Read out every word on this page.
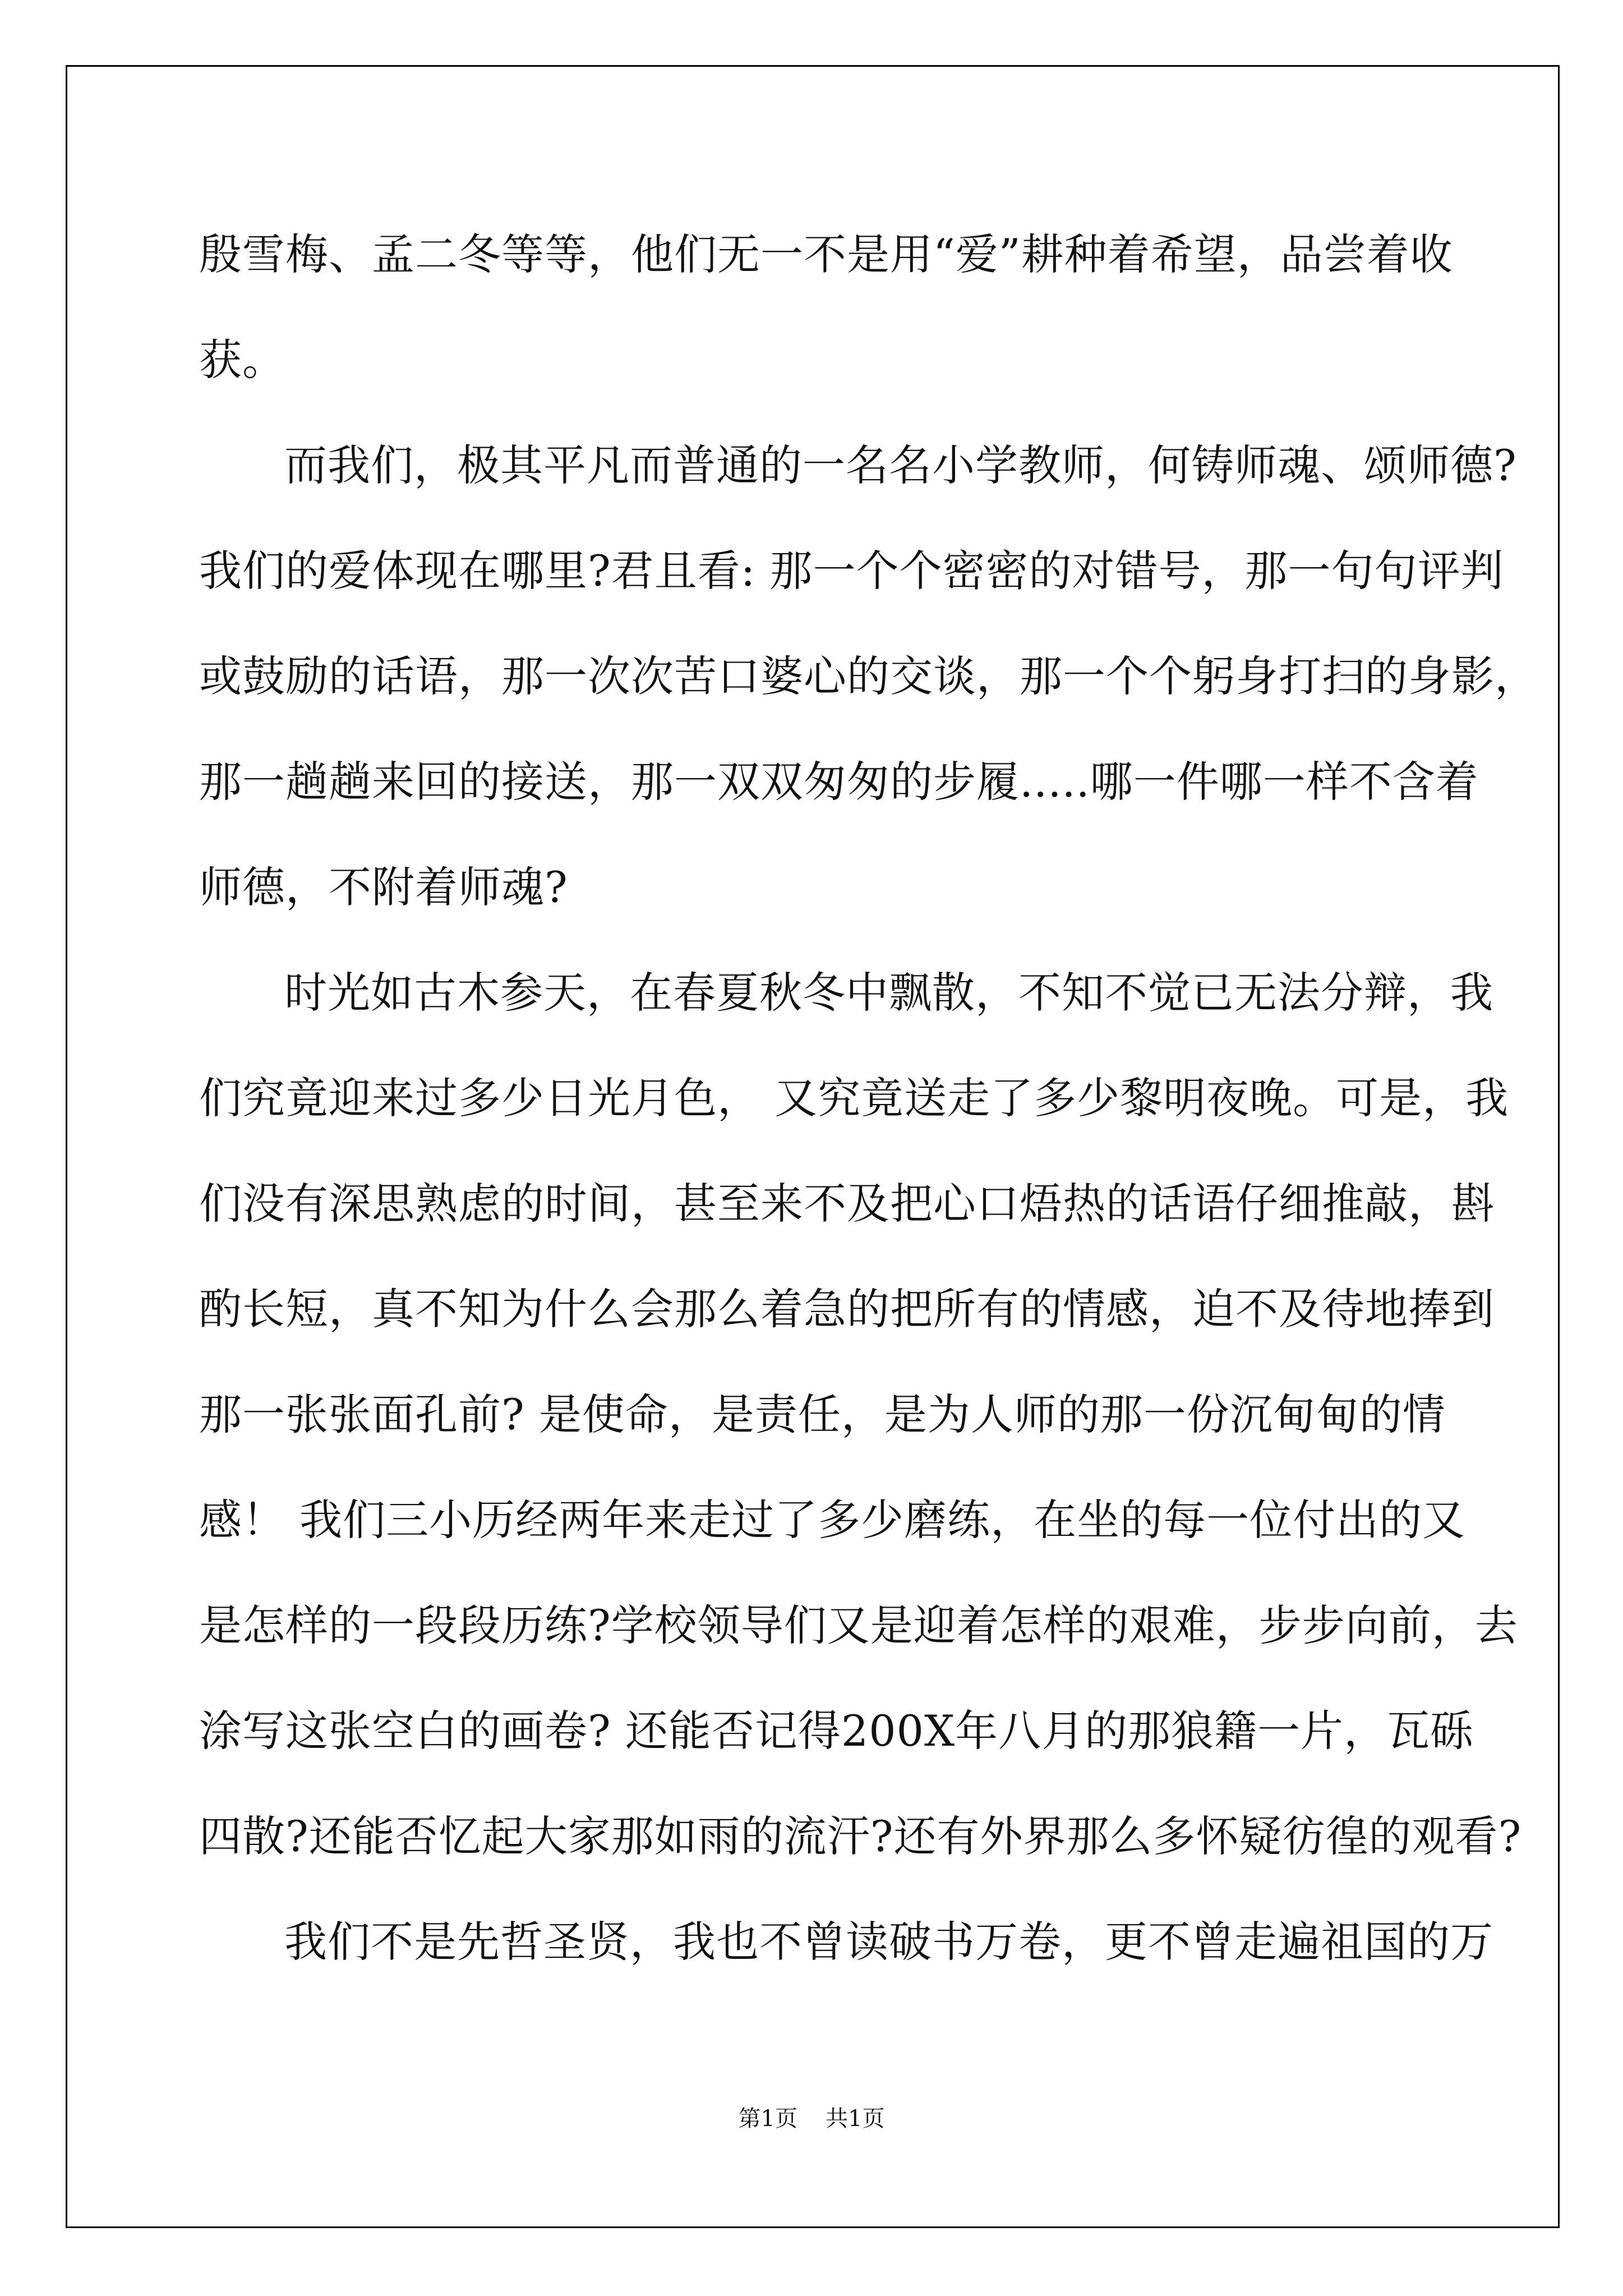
殷雪梅、孟二冬等等，他们无一不是用“爱”耕种着希望，品尝着收
获。
而我们，极其平凡而普通的一名名小学教师，何铸师魂、颂师德?
我们的爱体现在哪里?君且看: 那一个个密密的对错号，那一句句评判
或鼓励的话语，那一次次苦口婆心的交谈，那一个个躬身打扫的身影，
那一趟趟来回的接送，那一双双匆匆的步履.....哪一件哪一样不含着
师德，不附着师魂?
时光如古木参天，在春夏秋冬中飘散，不知不觉已无法分辩，我
们究竟迎来过多少日光月色， 又究竟送走了多少黎明夜晚。可是，我
们没有深思熟虑的时间，甚至来不及把心口焐热的话语仔细推敲，斟
酌长短，真不知为什么会那么着急的把所有的情感，迫不及待地捧到
那一张张面孔前? 是使命，是责任，是为人师的那一份沉甸甸的情
感！ 我们三小历经两年来走过了多少磨练，在坐的每一位付出的又
是怎样的一段段历练?学校领导们又是迎着怎样的艰难，步步向前，去
涂写这张空白的画卷? 还能否记得200X年八月的那狼籍一片，瓦砾
四散?还能否忆起大家那如雨的流汗?还有外界那么多怀疑彷徨的观看?
我们不是先哲圣贤，我也不曾读破书万卷，更不曾走遍祖国的万
第1页 共1页
